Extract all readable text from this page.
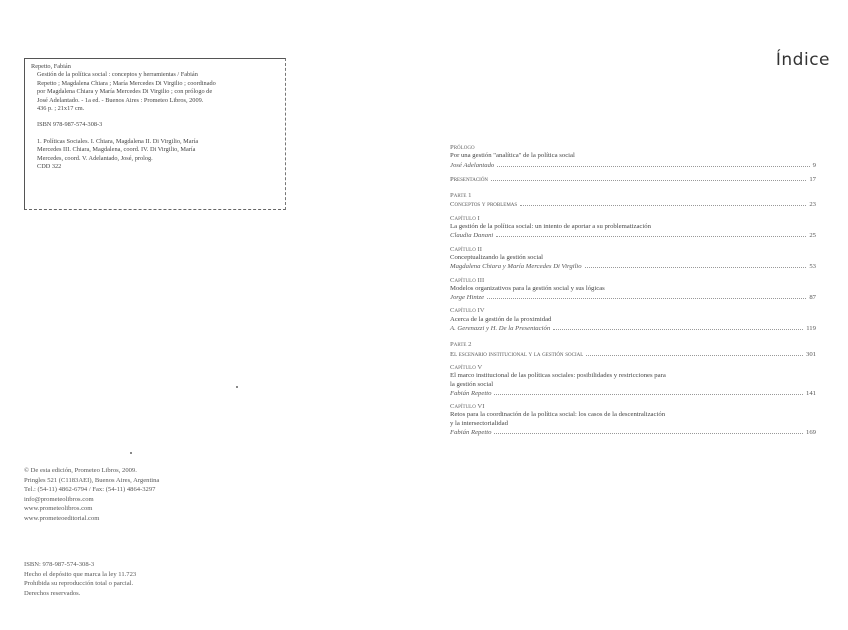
Repetto, Fabián

Gestión de la política social : conceptos y herramientas / Fabián

Repetto ; Magdalena Chiara ; María Mercedes Di Virgilio ; coordinado

por Magdalena Chiara y María Mercedes Di Virgilio ; con prólogo de

José Adelantado. - 1a ed. - Buenos Aires : Prometeo Libros, 2009.

436 p. ; 21x17 cm.

ISBN 978-987-574-308-3

1. Políticas Sociales. I. Chiara, Magdalena II. Di Virgilio, María

Mercedes III. Chiara, Magdalena, coord. IV. Di Virgilio, María

Mercedes, coord. V. Adelantado, José, prolog.

CDD 322

© De esta edición, Prometeo Libros, 2009.

Pringles 521 (C1183AEI), Buenos Aires, Argentina

Tel.: (54-11) 4862-6794 / Fax: (54-11) 4864-3297

info@prometeolibros.com

www.prometeolibros.com

www.prometeoeditorial.com

ISBN: 978-987-574-308-3

Hecho el depósito que marca la ley 11.723

Prohibida su reproducción total o parcial.

Derechos reservados.

Índice
Prólogo
Por una gestión "analítica" de la política social
José Adelantado	9
Presentación	17
Parte 1
Conceptos y problemas	23
Capítulo I
La gestión de la política social: un intento de aportar a su problematización
Claudia Danani	25
Capítulo II
Conceptualizando la gestión social
Magdalena Chiara y María Mercedes Di Virgilio	53
Capítulo III
Modelos organizativos para la gestión social y sus lógicas
Jorge Hintze	87
Capítulo IV
Acerca de la gestión de la proximidad
A. Gerenazzi y H. De la Presentación	119
Parte 2
El escenario institucional y la gestión social	301
Capítulo V
El marco institucional de las políticas sociales: posibilidades y restricciones para
la gestión social
Fabián Repetto	141
Capítulo VI
Retos para la coordinación de la política social: los casos de la descentralización
y la intersectorialidad
Fabián Repetto	169
